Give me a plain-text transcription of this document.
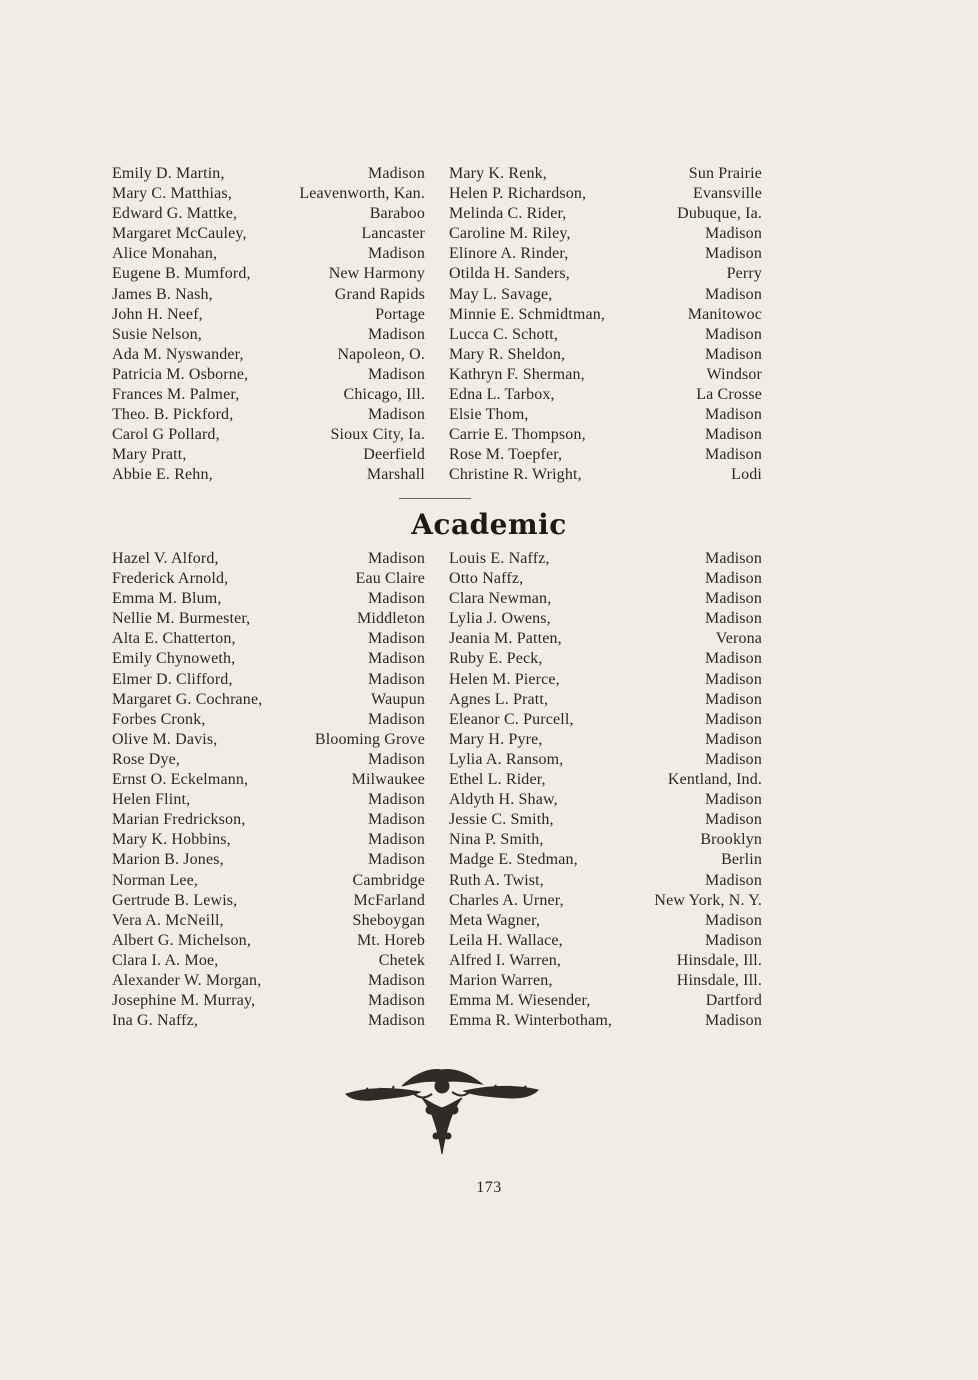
Emily D. Martin,	Madison
Mary C. Matthias,	Leavenworth, Kan.
Edward G. Mattke,	Baraboo
Margaret McCauley,	Lancaster
Alice Monahan,	Madison
Eugene B. Mumford,	New Harmony
James B. Nash,	Grand Rapids
John H. Neef,	Portage
Susie Nelson,	Madison
Ada M. Nyswander,	Napoleon, O.
Patricia M. Osborne,	Madison
Frances M. Palmer,	Chicago, Ill.
Theo. B. Pickford,	Madison
Carol G Pollard,	Sioux City, Ia.
Mary Pratt,	Deerfield
Abbie E. Rehn,	Marshall
Mary K. Renk,	Sun Prairie
Helen P. Richardson,	Evansville
Melinda C. Rider,	Dubuque, Ia.
Caroline M. Riley,	Madison
Elinore A. Rinder,	Madison
Otilda H. Sanders,	Perry
May L. Savage,	Madison
Minnie E. Schmidtman,	Manitowoc
Lucca C. Schott,	Madison
Mary R. Sheldon,	Madison
Kathryn F. Sherman,	Windsor
Edna L. Tarbox,	La Crosse
Elsie Thom,	Madison
Carrie E. Thompson,	Madison
Rose M. Toepfer,	Madison
Christine R. Wright,	Lodi
Academic
Hazel V. Alford,	Madison
Frederick Arnold,	Eau Claire
Emma M. Blum,	Madison
Nellie M. Burmester,	Middleton
Alta E. Chatterton,	Madison
Emily Chynoweth,	Madison
Elmer D. Clifford,	Madison
Margaret G. Cochrane,	Waupun
Forbes Cronk,	Madison
Olive M. Davis,	Blooming Grove
Rose Dye,	Madison
Ernst O. Eckelmann,	Milwaukee
Helen Flint,	Madison
Marian Fredrickson,	Madison
Mary K. Hobbins,	Madison
Marion B. Jones,	Madison
Norman Lee,	Cambridge
Gertrude B. Lewis,	McFarland
Vera A. McNeill,	Sheboygan
Albert G. Michelson,	Mt. Horeb
Clara I. A. Moe,	Chetek
Alexander W. Morgan,	Madison
Josephine M. Murray,	Madison
Ina G. Naffz,	Madison
Louis E. Naffz,	Madison
Otto Naffz,	Madison
Clara Newman,	Madison
Lylia J. Owens,	Madison
Jeania M. Patten,	Verona
Ruby E. Peck,	Madison
Helen M. Pierce,	Madison
Agnes L. Pratt,	Madison
Eleanor C. Purcell,	Madison
Mary H. Pyre,	Madison
Lylia A. Ransom,	Madison
Ethel L. Rider,	Kentland, Ind.
Aldyth H. Shaw,	Madison
Jessie C. Smith,	Madison
Nina P. Smith,	Brooklyn
Madge E. Stedman,	Berlin
Ruth A. Twist,	Madison
Charles A. Urner,	New York, N. Y.
Meta Wagner,	Madison
Leila H. Wallace,	Madison
Alfred I. Warren,	Hinsdale, Ill.
Marion Warren,	Hinsdale, Ill.
Emma M. Wiesender,	Dartford
Emma R. Winterbotham,	Madison
173
